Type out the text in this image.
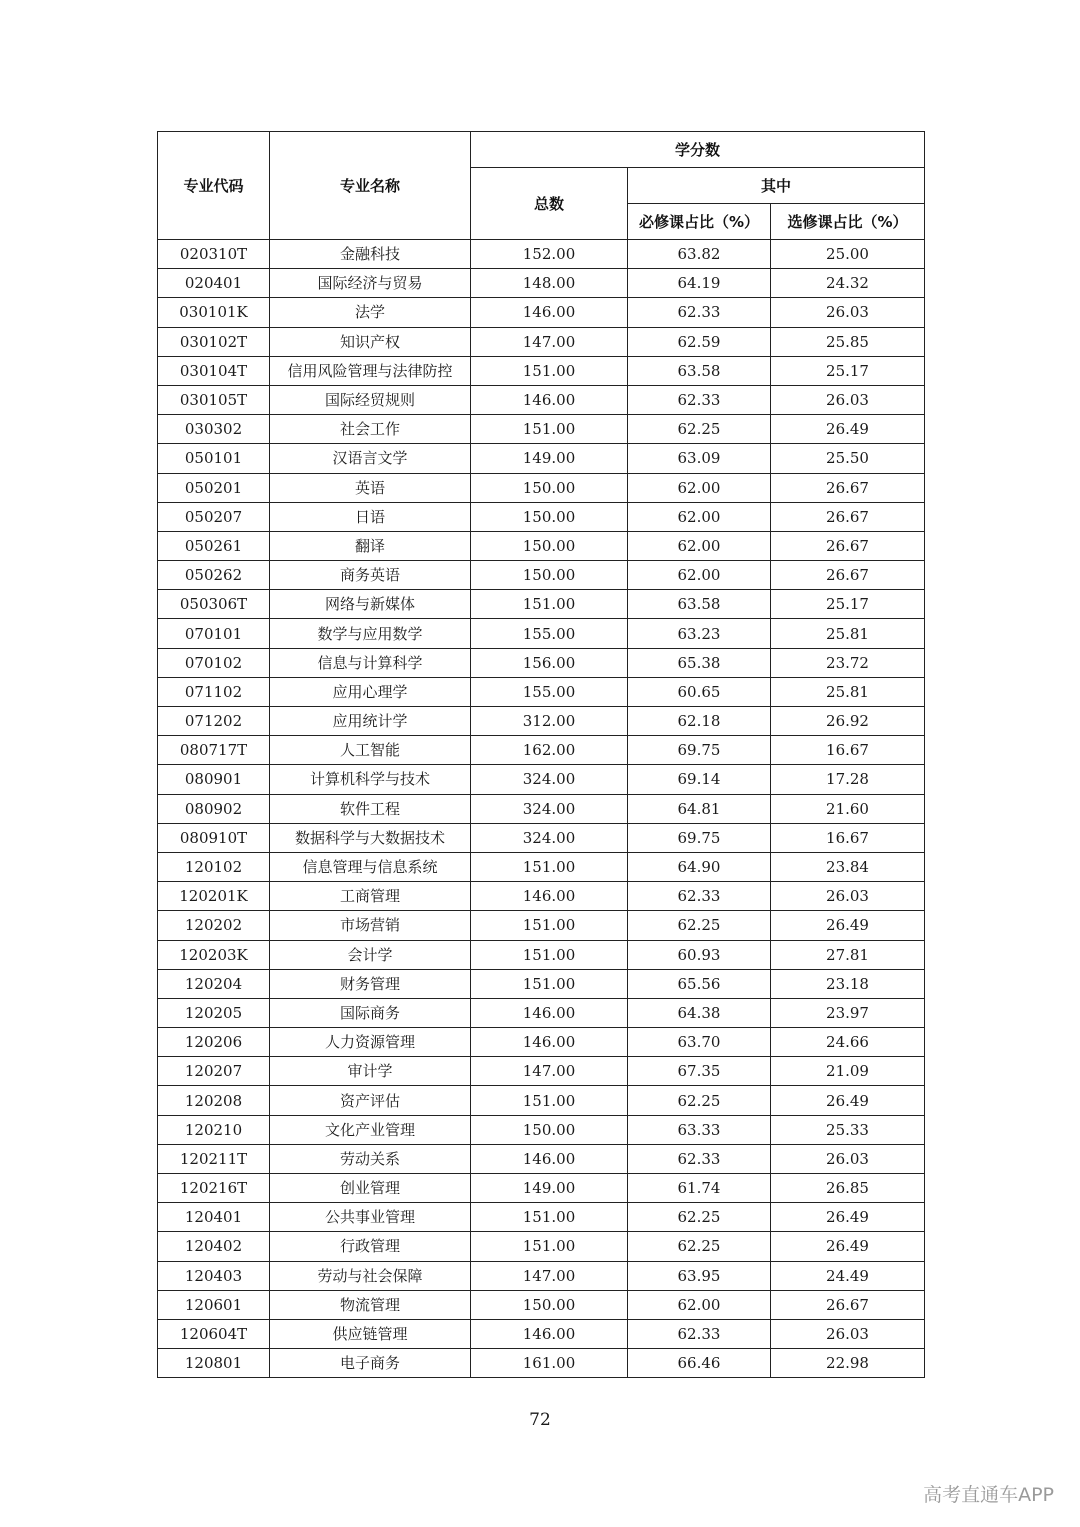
专业代码	专业名称	学分数		
		总数	其中	
			必修课占比（%）	选修课占比（%）
020310T	金融科技	152.00	63.82	25.00
020401	国际经济与贸易	148.00	64.19	24.32
030101K	法学	146.00	62.33	26.03
030102T	知识产权	147.00	62.59	25.85
030104T	信用风险管理与法律防控	151.00	63.58	25.17
030105T	国际经贸规则	146.00	62.33	26.03
030302	社会工作	151.00	62.25	26.49
050101	汉语言文学	149.00	63.09	25.50
050201	英语	150.00	62.00	26.67
050207	日语	150.00	62.00	26.67
050261	翻译	150.00	62.00	26.67
050262	商务英语	150.00	62.00	26.67
050306T	网络与新媒体	151.00	63.58	25.17
070101	数学与应用数学	155.00	63.23	25.81
070102	信息与计算科学	156.00	65.38	23.72
071102	应用心理学	155.00	60.65	25.81
071202	应用统计学	312.00	62.18	26.92
080717T	人工智能	162.00	69.75	16.67
080901	计算机科学与技术	324.00	69.14	17.28
080902	软件工程	324.00	64.81	21.60
080910T	数据科学与大数据技术	324.00	69.75	16.67
120102	信息管理与信息系统	151.00	64.90	23.84
120201K	工商管理	146.00	62.33	26.03
120202	市场营销	151.00	62.25	26.49
120203K	会计学	151.00	60.93	27.81
120204	财务管理	151.00	65.56	23.18
120205	国际商务	146.00	64.38	23.97
120206	人力资源管理	146.00	63.70	24.66
120207	审计学	147.00	67.35	21.09
120208	资产评估	151.00	62.25	26.49
120210	文化产业管理	150.00	63.33	25.33
120211T	劳动关系	146.00	62.33	26.03
120216T	创业管理	149.00	61.74	26.85
120401	公共事业管理	151.00	62.25	26.49
120402	行政管理	151.00	62.25	26.49
120403	劳动与社会保障	147.00	63.95	24.49
120601	物流管理	150.00	62.00	26.67
120604T	供应链管理	146.00	62.33	26.03
120801	电子商务	161.00	66.46	22.98
72
高考直通车APP
